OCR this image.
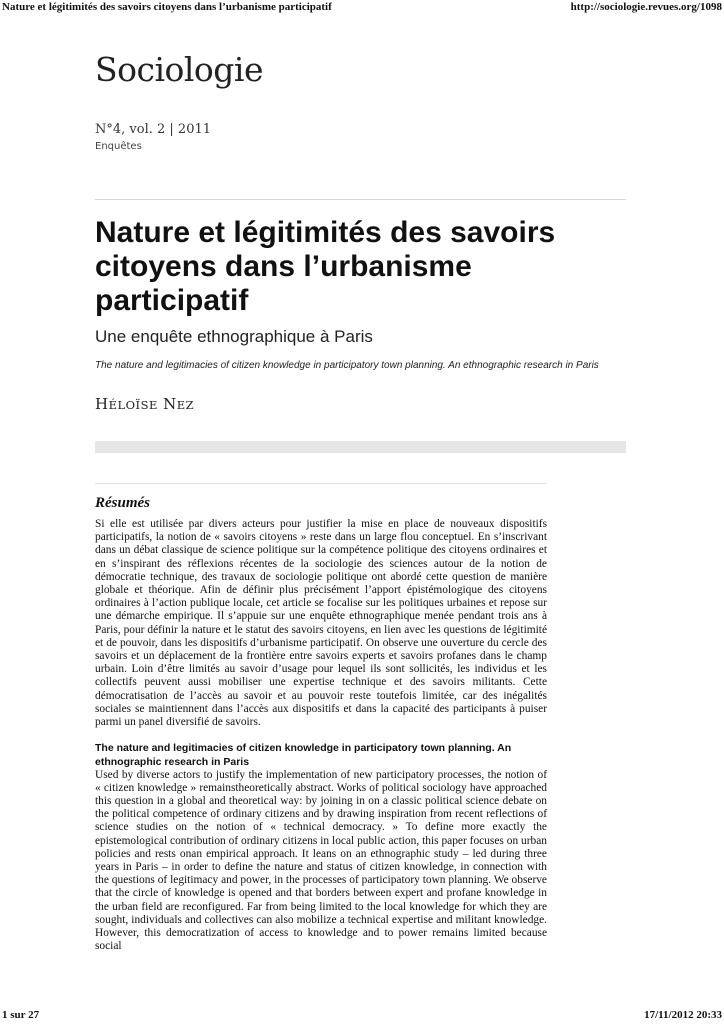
Nature et légitimités des savoirs citoyens dans l’urbanisme participatif	http://sociologie.revues.org/1098
Sociologie
N°4, vol. 2 | 2011
Enquêtes
Nature et légitimités des savoirs citoyens dans l’urbanisme participatif
Une enquête ethnographique à Paris
The nature and legitimacies of citizen knowledge in participatory town planning. An ethnographic research in Paris
HÉLOÏSE NEZ
Résumés

Si elle est utilisée par divers acteurs pour justifier la mise en place de nouveaux dispositifs participatifs, la notion de « savoirs citoyens » reste dans un large flou conceptuel. En s’inscrivant dans un débat classique de science politique sur la compétence politique des citoyens ordinaires et en s’inspirant des réflexions récentes de la sociologie des sciences autour de la notion de démocratie technique, des travaux de sociologie politique ont abordé cette question de manière globale et théorique. Afin de définir plus précisément l’apport épistémologique des citoyens ordinaires à l’action publique locale, cet article se focalise sur les politiques urbaines et repose sur une démarche empirique. Il s’appuie sur une enquête ethnographique menée pendant trois ans à Paris, pour définir la nature et le statut des savoirs citoyens, en lien avec les questions de légitimité et de pouvoir, dans les dispositifs d’urbanisme participatif. On observe une ouverture du cercle des savoirs et un déplacement de la frontière entre savoirs experts et savoirs profanes dans le champ urbain. Loin d’être limités au savoir d’usage pour lequel ils sont sollicités, les individus et les collectifs peuvent aussi mobiliser une expertise technique et des savoirs militants. Cette démocratisation de l’accès au savoir et au pouvoir reste toutefois limitée, car des inégalités sociales se maintiennent dans l’accès aux dispositifs et dans la capacité des participants à puiser parmi un panel diversifié de savoirs.

The nature and legitimacies of citizen knowledge in participatory town planning. An ethnographic research in Paris

Used by diverse actors to justify the implementation of new participatory processes, the notion of « citizen knowledge » remainstheoretically abstract. Works of political sociology have approached this question in a global and theoretical way: by joining in on a classic political science debate on the political competence of ordinary citizens and by drawing inspiration from recent reflections of science studies on the notion of « technical democracy. » To define more exactly the epistemological contribution of ordinary citizens in local public action, this paper focuses on urban policies and rests onan empirical approach. It leans on an ethnographic study – led during three years in Paris – in order to define the nature and status of citizen knowledge, in connection with the questions of legitimacy and power, in the processes of participatory town planning. We observe that the circle of knowledge is opened and that borders between expert and profane knowledge in the urban field are reconfigured. Far from being limited to the local knowledge for which they are sought, individuals and collectives can also mobilize a technical expertise and militant knowledge. However, this democratization of access to knowledge and to power remains limited because social

1 sur 27	17/11/2012 20:33
